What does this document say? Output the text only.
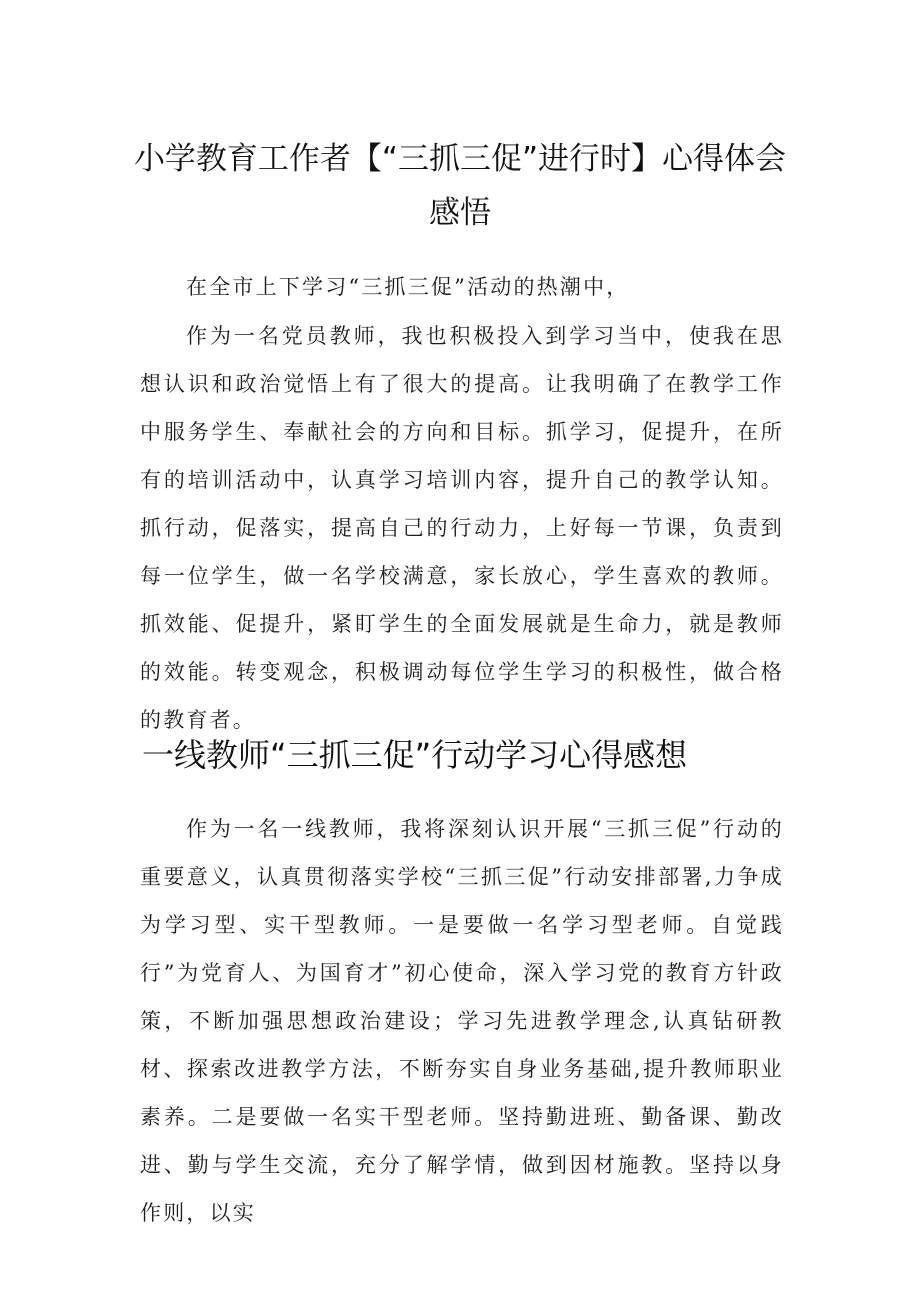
小学教育工作者【“三抓三促”进行时】心得体会感悟

在全市上下学习“三抓三促”活动的热潮中，

作为一名党员教师，我也积极投入到学习当中，使我在思想认识和政治觉悟上有了很大的提高。让我明确了在教学工作中服务学生、奉献社会的方向和目标。抓学习，促提升，在所有的培训活动中，认真学习培训内容，提升自己的教学认知。抓行动，促落实，提高自己的行动力，上好每一节课，负责到每一位学生，做一名学校满意，家长放心，学生喜欢的教师。抓效能、促提升，紧盯学生的全面发展就是生命力，就是教师的效能。转变观念，积极调动每位学生学习的积极性，做合格的教育者。

一线教师“三抓三促”行动学习心得感想

作为一名一线教师，我将深刻认识开展“三抓三促”行动的重要意义，认真贯彻落实学校“三抓三促”行动安排部署,力争成为学习型、实干型教师。一是要做一名学习型老师。自觉践行”为党育人、为国育才”初心使命，深入学习党的教育方针政策，不断加强思想政治建设；学习先进教学理念,认真钻研教材、探索改进教学方法，不断夯实自身业务基础,提升教师职业素养。二是要做一名实干型老师。坚持勤进班、勤备课、勤改进、勤与学生交流，充分了解学情，做到因材施教。坚持以身作则，以实
